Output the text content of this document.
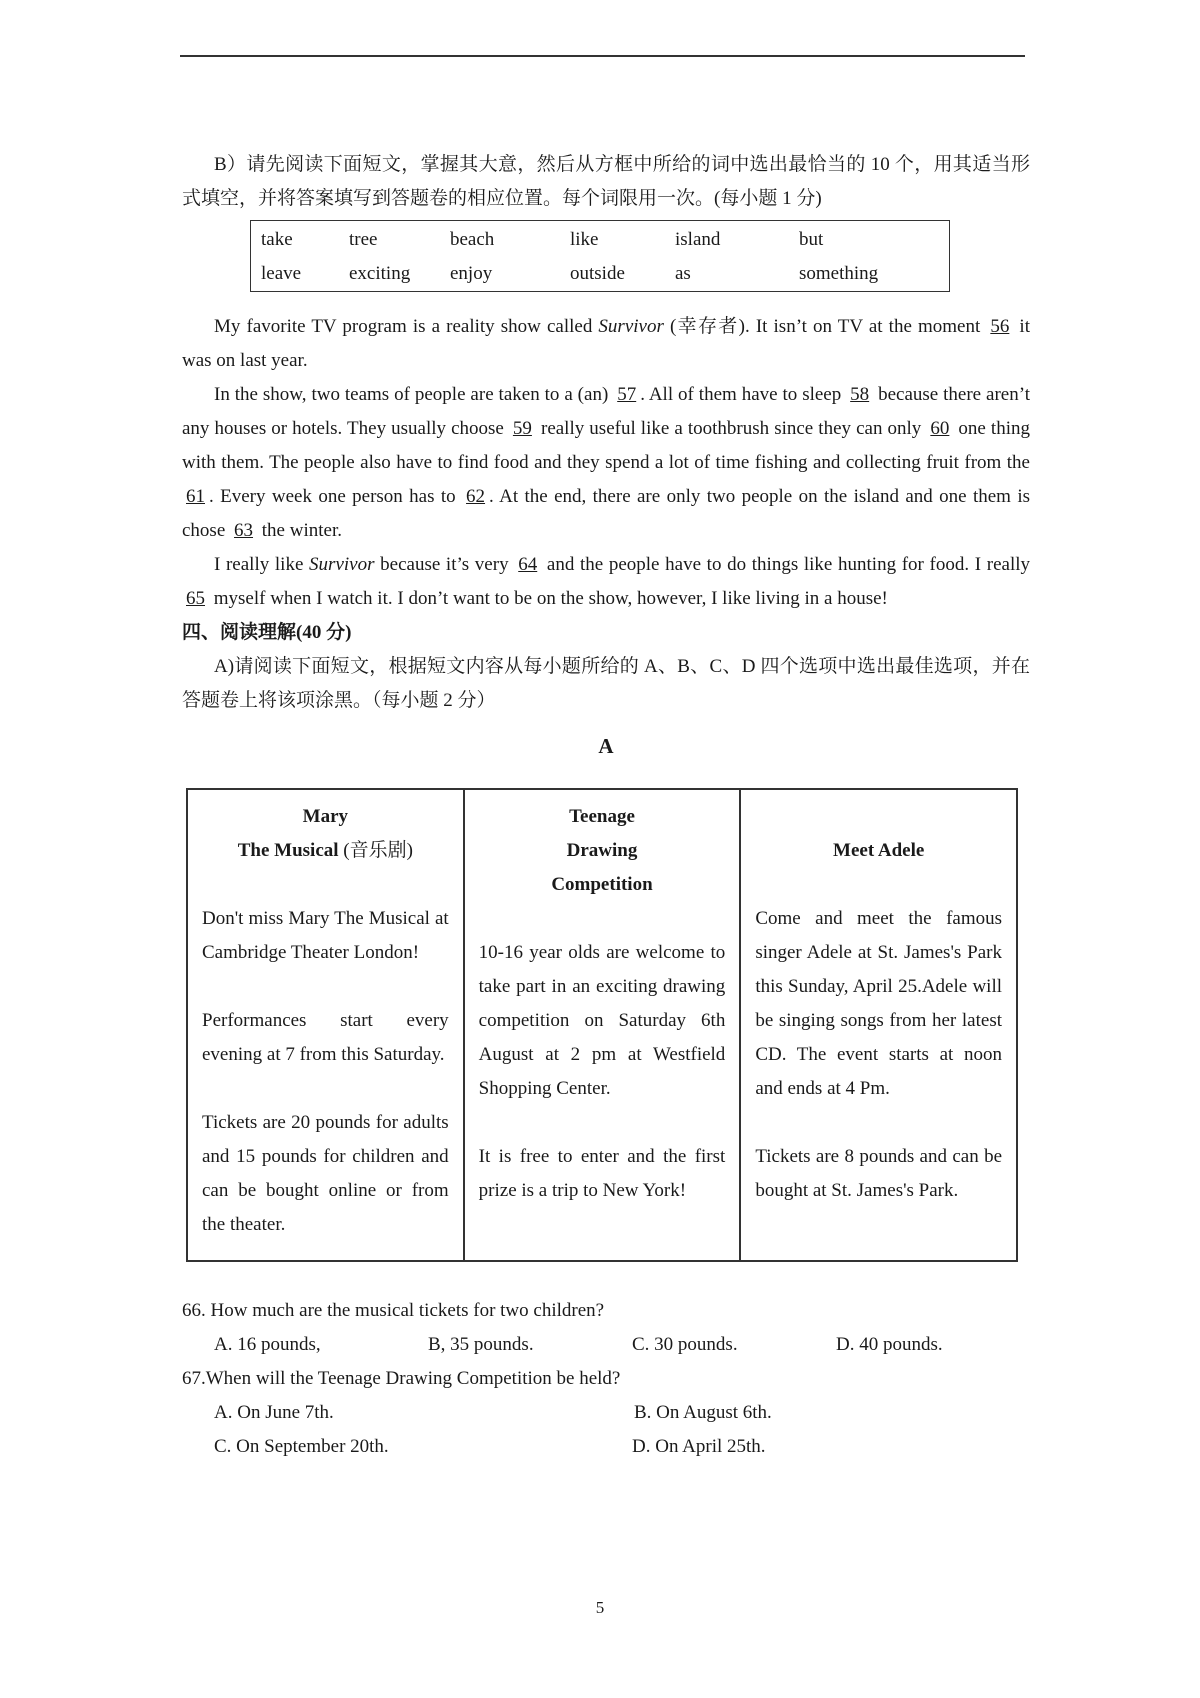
B）请先阅读下面短文，掌握其大意，然后从方框中所给的词中选出最恰当的 10 个，用其适当形式填空，并将答案填写到答题卷的相应位置。每个词限用一次。(每小题 1 分)

take	tree	beach	like	island	but
leave	exciting	enjoy	outside	as	something

My favorite TV program is a reality show called Survivor (幸存者). It isn’t on TV at the moment 56 it was on last year.

In the show, two teams of people are taken to a (an) 57 . All of them have to sleep 58 because there aren’t any houses or hotels. They usually choose 59 really useful like a toothbrush since they can only 60 one thing with them. The people also have to find food and they spend a lot of time fishing and collecting fruit from the 61 . Every week one person has to 62 . At the end, there are only two people on the island and one them is chose 63 the winter.

I really like Survivor because it’s very 64 and the people have to do things like hunting for food. I really 65 myself when I watch it. I don’t want to be on the show, however, I like living in a house!

四、阅读理解(40 分)

A)请阅读下面短文，根据短文内容从每小题所给的 A、B、C、D 四个选项中选出最佳选项，并在答题卷上将该项涂黑。（每小题 2 分）

A
Mary
The Musical (音乐剧)
Don't miss Mary The Musical at Cambridge Theater London!
Performances start every evening at 7 from this Saturday.
Tickets are 20 pounds for adults and 15 pounds for children and can be bought online or from the theater.

Teenage
Drawing
Competition
10-16 year olds are welcome to take part in an exciting drawing competition on Saturday 6th August at 2 pm at Westfield Shopping Center.
It is free to enter and the first prize is a trip to New York!

Meet Adele
Come and meet the famous singer Adele at St. James's Park this Sunday, April 25.Adele will be singing songs from her latest CD. The event starts at noon and ends at 4 Pm.
Tickets are 8 pounds and can be bought at St. James's Park.

66. How much are the musical tickets for two children?

A. 16 pounds,	B, 35 pounds.	C. 30 pounds.	D. 40 pounds.

67.When will the Teenage Drawing Competition be held?

A. On June 7th.	B. On August 6th.
C. On September 20th.	D. On April 25th.
5
